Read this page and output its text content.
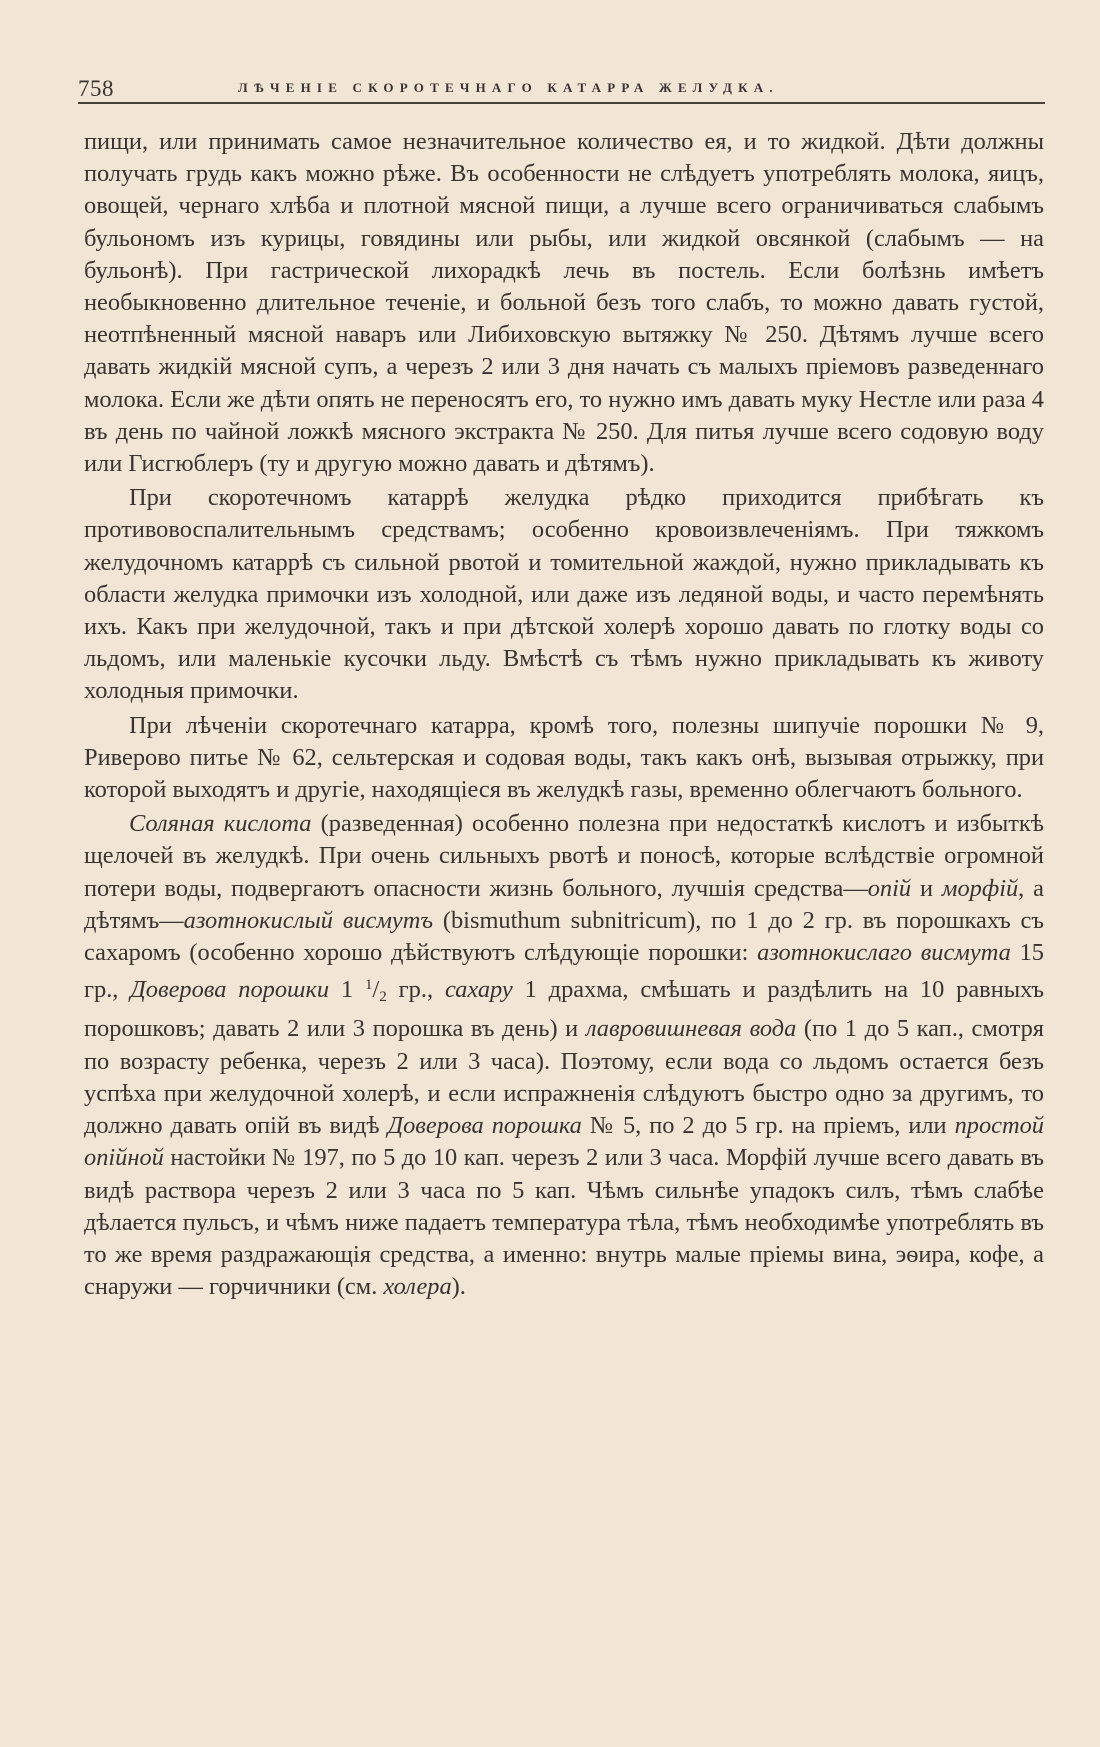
758	ЛѢЧЕНІЕ СКОРОТЕЧНАГО КАТАРРА ЖЕЛУДКА.

пищи, или принимать самое незначительное количество ея, и то жидкой. Дѣти должны получать грудь какъ можно рѣже. Въ особенности не слѣдуетъ употреблять молока, яицъ, овощей, чернаго хлѣба и плотной мясной пищи, а лучше всего ограничиваться слабымъ бульономъ изъ курицы, говядины или рыбы, или жидкой овсянкой (слабымъ — на бульонѣ). При гастрической лихорадкѣ лечь въ постель. Если болѣзнь имѣетъ необыкновенно длительное теченіе, и больной безъ того слабъ, то можно давать густой, неотпѣненный мясной наваръ или Либиховскую вытяжку № 250. Дѣтямъ лучше всего давать жидкій мясной супъ, а черезъ 2 или 3 дня начать съ малыхъ пріемовъ разведеннаго молока. Если же дѣти опять не переносятъ его, то нужно имъ давать муку Нестле или раза 4 въ день по чайной ложкѣ мясного экстракта № 250. Для питья лучше всего содовую воду или Гисгюблеръ (ту и другую можно давать и дѣтямъ).

При скоротечномъ катаррѣ желудка рѣдко приходится прибѣгать къ противовоспалительнымъ средствамъ; особенно кровоизвлеченіямъ. При тяжкомъ желудочномъ катаррѣ съ сильной рвотой и томительной жаждой, нужно прикладывать къ области желудка примочки изъ холодной, или даже изъ ледяной воды, и часто перемѣнять ихъ. Какъ при желудочной, такъ и при дѣтской холерѣ хорошо давать по глотку воды со льдомъ, или маленькіе кусочки льду. Вмѣстѣ съ тѣмъ нужно прикладывать къ животу холодныя примочки.

При лѣченіи скоротечнаго катарра, кромѣ того, полезны шипучіе порошки № 9, Риверово питье № 62, сельтерская и содовая воды, такъ какъ онѣ, вызывая отрыжку, при которой выходятъ и другіе, находящіеся въ желудкѣ газы, временно облегчаютъ больного.

Соляная кислота (разведенная) особенно полезна при недостаткѣ кислотъ и избыткѣ щелочей въ желудкѣ. При очень сильныхъ рвотѣ и поносѣ, которые вслѣдствіе огромной потери воды, подвергаютъ опасности жизнь больного, лучшія средства—опій и морфій, а дѣтямъ—азотнокислый висмутъ (bismuthum subnitricum), по 1 до 2 гр. въ порошкахъ съ сахаромъ (особенно хорошо дѣйствуютъ слѣдующіе порошки: азотнокислаго висмута 15 гр., Доверова порошки 1 $^1/_2$ гр., сахару 1 драхма, смѣшать и раздѣлить на 10 равныхъ порошковъ; давать 2 или 3 порошка въ день) и лавровишневая вода (по 1 до 5 кап., смотря по возрасту ребенка, черезъ 2 или 3 часа). Поэтому, если вода со льдомъ остается безъ успѣха при желудочной холерѣ, и если испражненія слѣдуютъ быстро одно за другимъ, то должно давать опій въ видѣ Доверова порошка № 5, по 2 до 5 гр. на пріемъ, или простой опійной настойки № 197, по 5 до 10 кап. черезъ 2 или 3 часа. Морфій лучше всего давать въ видѣ раствора черезъ 2 или 3 часа по 5 кап. Чѣмъ сильнѣе упадокъ силъ, тѣмъ слабѣе дѣлается пульсъ, и чѣмъ ниже падаетъ температура тѣла, тѣмъ необходимѣе употреблять въ то же время раздражающія средства, а именно: внутрь малые пріемы вина, эѳира, кофе, а снаружи — горчичники (см. холера).
